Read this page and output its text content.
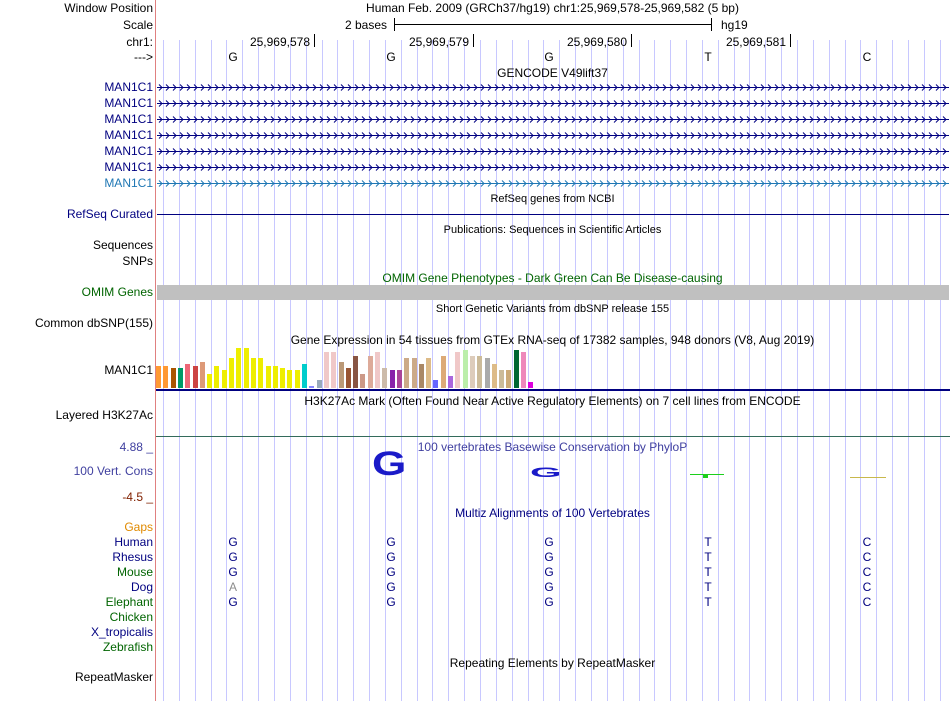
Window Position	Human Feb. 2009 (GRCh37/hg19) chr1:25,969,578-25,969,582 (5 bp)
Scale	2 bases	hg19
chr1:	25,969,578	25,969,579	25,969,580	25,969,581
--->	G	G	G	T	C
GENCODE V49lift37
MAN1C1
MAN1C1
MAN1C1
MAN1C1
MAN1C1
MAN1C1
MAN1C1
RefSeq genes from NCBI
RefSeq Curated
Publications: Sequences in Scientific Articles
Sequences
SNPs
OMIM Gene Phenotypes - Dark Green Can Be Disease-causing
OMIM Genes
Short Genetic Variants from dbSNP release 155
Common dbSNP(155)
Gene Expression in 54 tissues from GTEx RNA-seq of 17382 samples, 948 donors (V8, Aug 2019)
MAN1C1
H3K27Ac Mark (Often Found Near Active Regulatory Elements) on 7 cell lines from ENCODE
Layered H3K27Ac
100 vertebrates Basewise Conservation by PhyloP
4.88 _
100 Vert. Cons
-4.5 _
G	G
Multiz Alignments of 100 Vertebrates
Gaps
Human	G	G	G	T	C
Rhesus	G	G	G	T	C
Mouse	G	G	G	T	C
Dog	A	G	G	T	C
Elephant	G	G	G	T	C
Chicken
X_tropicalis
Zebrafish
Repeating Elements by RepeatMasker
RepeatMasker
